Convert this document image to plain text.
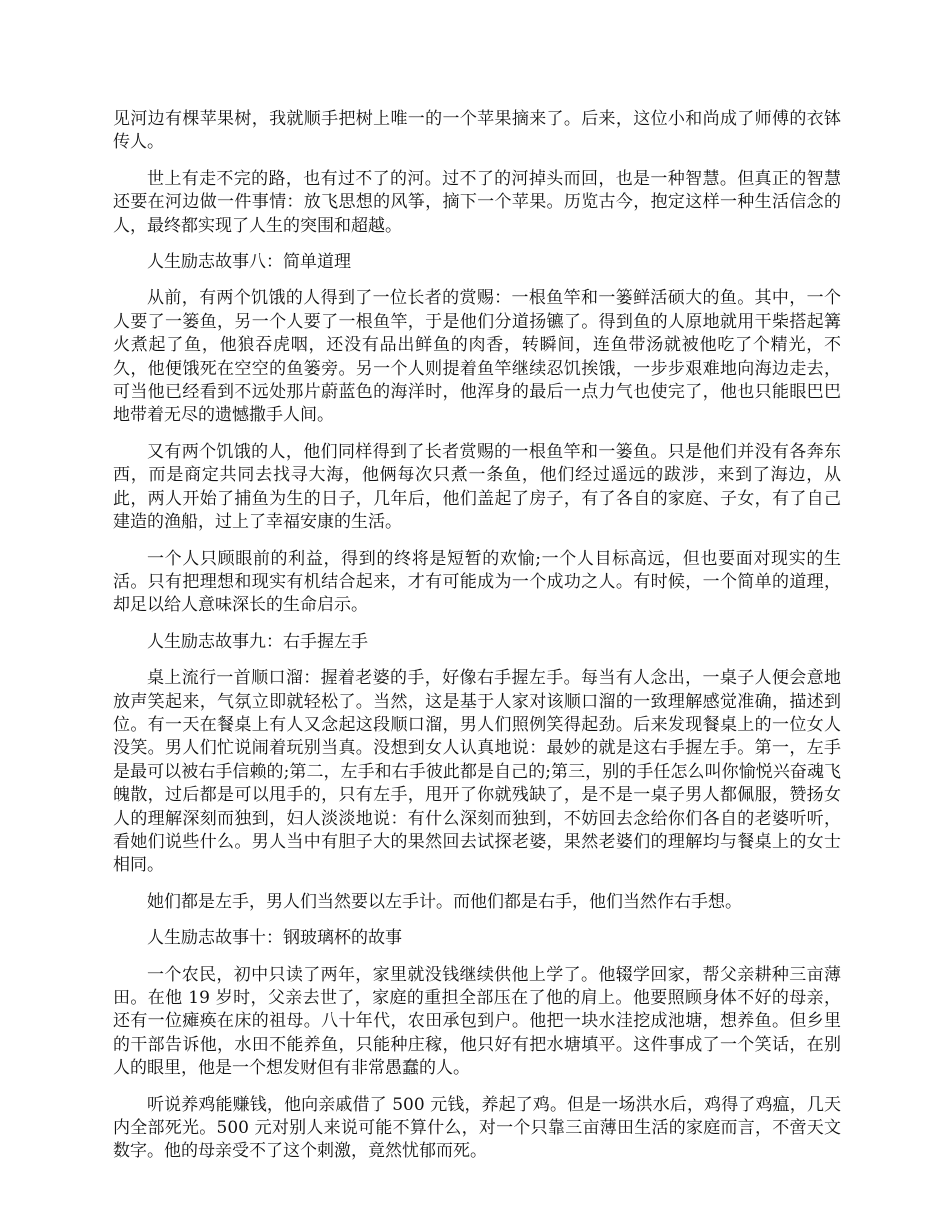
见河边有棵苹果树，我就顺手把树上唯一的一个苹果摘来了。后来，这位小和尚成了师傅的衣钵传人。

世上有走不完的路，也有过不了的河。过不了的河掉头而回，也是一种智慧。但真正的智慧还要在河边做一件事情：放飞思想的风筝，摘下一个苹果。历览古今，抱定这样一种生活信念的人，最终都实现了人生的突围和超越。

人生励志故事八：简单道理

从前，有两个饥饿的人得到了一位长者的赏赐：一根鱼竿和一篓鲜活硕大的鱼。其中，一个人要了一篓鱼，另一个人要了一根鱼竿，于是他们分道扬镳了。得到鱼的人原地就用干柴搭起篝火煮起了鱼，他狼吞虎咽，还没有品出鲜鱼的肉香，转瞬间，连鱼带汤就被他吃了个精光，不久，他便饿死在空空的鱼篓旁。另一个人则提着鱼竿继续忍饥挨饿，一步步艰难地向海边走去，可当他已经看到不远处那片蔚蓝色的海洋时，他浑身的最后一点力气也使完了，他也只能眼巴巴地带着无尽的遗憾撒手人间。

又有两个饥饿的人，他们同样得到了长者赏赐的一根鱼竿和一篓鱼。只是他们并没有各奔东西，而是商定共同去找寻大海，他俩每次只煮一条鱼，他们经过遥远的跋涉，来到了海边，从此，两人开始了捕鱼为生的日子，几年后，他们盖起了房子，有了各自的家庭、子女，有了自己建造的渔船，过上了幸福安康的生活。

一个人只顾眼前的利益，得到的终将是短暂的欢愉;一个人目标高远，但也要面对现实的生活。只有把理想和现实有机结合起来，才有可能成为一个成功之人。有时候，一个简单的道理，却足以给人意味深长的生命启示。

人生励志故事九：右手握左手

桌上流行一首顺口溜：握着老婆的手，好像右手握左手。每当有人念出，一桌子人便会意地放声笑起来，气氛立即就轻松了。当然，这是基于人家对该顺口溜的一致理解感觉准确，描述到位。有一天在餐桌上有人又念起这段顺口溜，男人们照例笑得起劲。后来发现餐桌上的一位女人没笑。男人们忙说闹着玩别当真。没想到女人认真地说：最妙的就是这右手握左手。第一，左手是最可以被右手信赖的;第二，左手和右手彼此都是自己的;第三，别的手任怎么叫你愉悦兴奋魂飞魄散，过后都是可以甩手的，只有左手，甩开了你就残缺了，是不是一桌子男人都佩服，赞扬女人的理解深刻而独到，妇人淡淡地说：有什么深刻而独到，不妨回去念给你们各自的老婆听听，看她们说些什么。男人当中有胆子大的果然回去试探老婆，果然老婆们的理解均与餐桌上的女士相同。

她们都是左手，男人们当然要以左手计。而他们都是右手，他们当然作右手想。

人生励志故事十：钢玻璃杯的故事

一个农民，初中只读了两年，家里就没钱继续供他上学了。他辍学回家，帮父亲耕种三亩薄田。在他 19 岁时，父亲去世了，家庭的重担全部压在了他的肩上。他要照顾身体不好的母亲，还有一位瘫痪在床的祖母。八十年代，农田承包到户。他把一块水洼挖成池塘，想养鱼。但乡里的干部告诉他，水田不能养鱼，只能种庄稼，他只好有把水塘填平。这件事成了一个笑话，在别人的眼里，他是一个想发财但有非常愚蠢的人。

听说养鸡能赚钱，他向亲戚借了 500 元钱，养起了鸡。但是一场洪水后，鸡得了鸡瘟，几天内全部死光。500 元对别人来说可能不算什么，对一个只靠三亩薄田生活的家庭而言，不啻天文数字。他的母亲受不了这个刺激，竟然忧郁而死。
